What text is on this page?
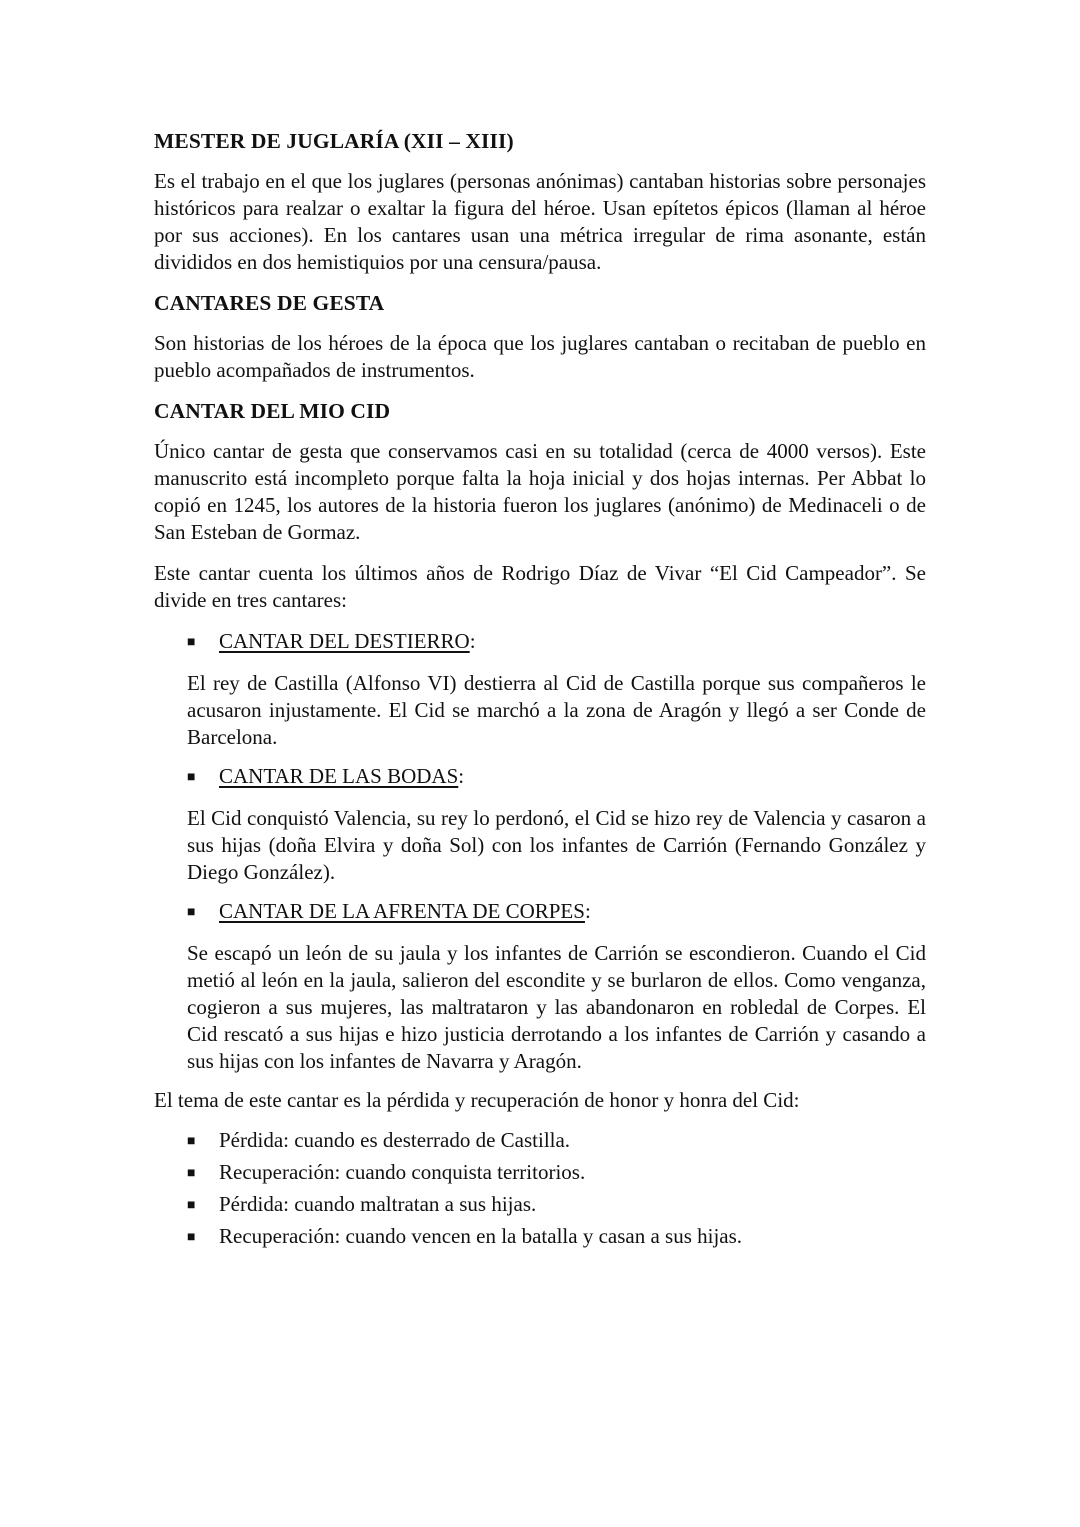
MESTER DE JUGLARÍA (XII – XIII)

Es el trabajo en el que los juglares (personas anónimas) cantaban historias sobre personajes históricos para realzar o exaltar la figura del héroe. Usan epítetos épicos (llaman al héroe por sus acciones). En los cantares usan una métrica irregular de rima asonante, están divididos en dos hemistiquios por una censura/pausa.

CANTARES DE GESTA

Son historias de los héroes de la época que los juglares cantaban o recitaban de pueblo en pueblo acompañados de instrumentos.

CANTAR DEL MIO CID

Único cantar de gesta que conservamos casi en su totalidad (cerca de 4000 versos). Este manuscrito está incompleto porque falta la hoja inicial y dos hojas internas. Per Abbat lo copió en 1245, los autores de la historia fueron los juglares (anónimo) de Medinaceli o de San Esteban de Gormaz.

Este cantar cuenta los últimos años de Rodrigo Díaz de Vivar “El Cid Campeador”. Se divide en tres cantares:

■	CANTAR DEL DESTIERRO:

El rey de Castilla (Alfonso VI) destierra al Cid de Castilla porque sus compañeros le acusaron injustamente. El Cid se marchó a la zona de Aragón y llegó a ser Conde de Barcelona.

■	CANTAR DE LAS BODAS:

El Cid conquistó Valencia, su rey lo perdonó, el Cid se hizo rey de Valencia y casaron a sus hijas (doña Elvira y doña Sol) con los infantes de Carrión (Fernando González y Diego González).

■	CANTAR DE LA AFRENTA DE CORPES:

Se escapó un león de su jaula y los infantes de Carrión se escondieron. Cuando el Cid metió al león en la jaula, salieron del escondite y se burlaron de ellos. Como venganza, cogieron a sus mujeres, las maltrataron y las abandonaron en robledal de Corpes. El Cid rescató a sus hijas e hizo justicia derrotando a los infantes de Carrión y casando a sus hijas con los infantes de Navarra y Aragón.

El tema de este cantar es la pérdida y recuperación de honor y honra del Cid:

■	Pérdida: cuando es desterrado de Castilla.
■	Recuperación: cuando conquista territorios.
■	Pérdida: cuando maltratan a sus hijas.
■	Recuperación: cuando vencen en la batalla y casan a sus hijas.
